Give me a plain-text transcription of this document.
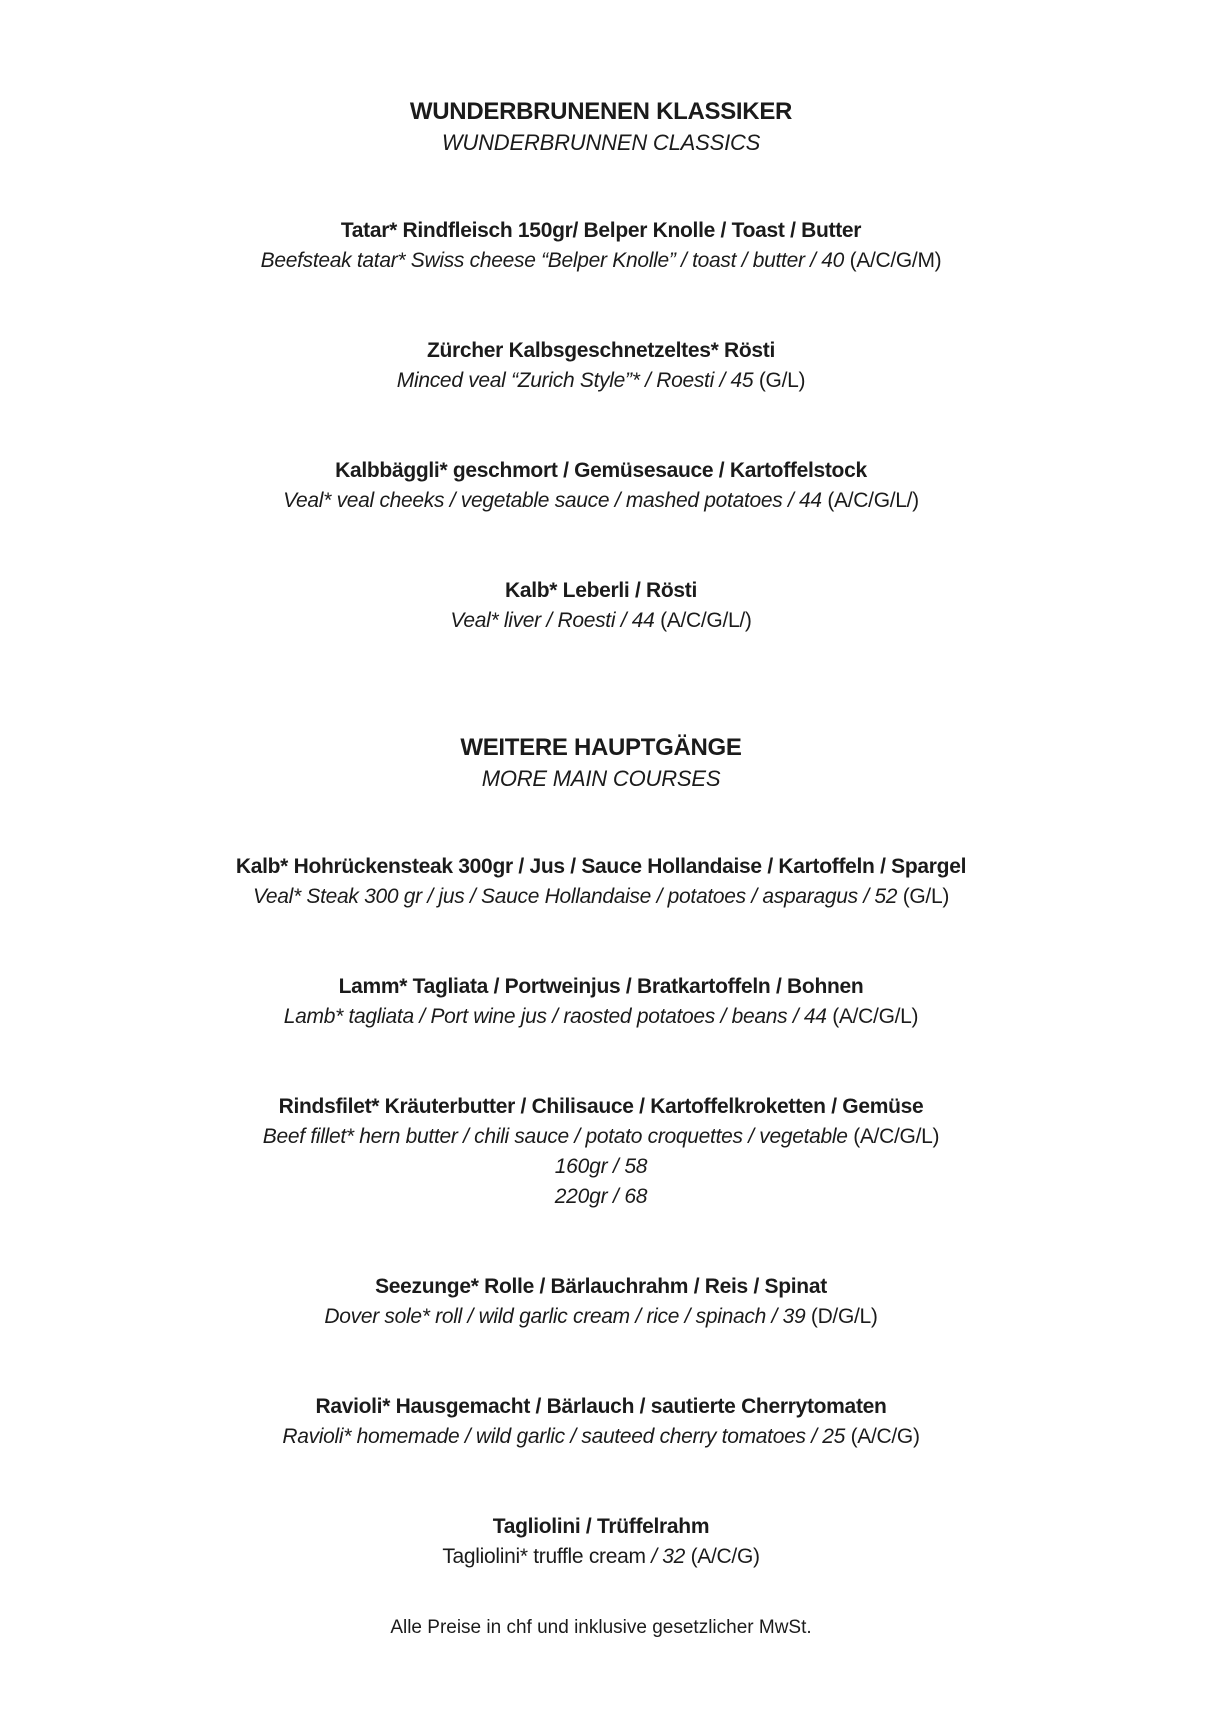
WUNDERBRUNENEN KLASSIKER
WUNDERBRUNNEN CLASSICS
Tatar* Rindfleisch 150gr/ Belper Knolle / Toast / Butter
Beefsteak tatar* Swiss cheese “Belper Knolle” / toast / butter / 40 (A/C/G/M)
Zürcher Kalbsgeschnetzeltes* Rösti
Minced veal “Zurich Style”* / Roesti / 45 (G/L)
Kalbbäggli* geschmort / Gemüsesauce / Kartoffelstock
Veal* veal cheeks / vegetable sauce / mashed potatoes / 44 (A/C/G/L/)
Kalb* Leberli / Rösti
Veal* liver / Roesti / 44 (A/C/G/L/)
WEITERE HAUPTGÄNGE
MORE MAIN COURSES
Kalb* Hohrückensteak 300gr / Jus / Sauce Hollandaise / Kartoffeln / Spargel
Veal* Steak 300 gr / jus / Sauce Hollandaise / potatoes / asparagus / 52 (G/L)
Lamm* Tagliata / Portweinjus / Bratkartoffeln / Bohnen
Lamb* tagliata / Port wine jus / raosted potatoes / beans / 44 (A/C/G/L)
Rindsfilet* Kräuterbutter / Chilisauce / Kartoffelkroketten / Gemüse
Beef fillet* hern butter / chili sauce / potato croquettes / vegetable (A/C/G/L)
160gr / 58
220gr / 68
Seezunge* Rolle / Bärlauchrahm / Reis / Spinat
Dover sole* roll / wild garlic cream / rice / spinach / 39 (D/G/L)
Ravioli* Hausgemacht / Bärlauch / sautierte Cherrytomaten
Ravioli* homemade / wild garlic / sauteed cherry tomatoes / 25 (A/C/G)
Tagliolini / Trüffelrahm
Tagliolini* truffle cream / 32 (A/C/G)
Alle Preise in chf und inklusive gesetzlicher MwSt.
